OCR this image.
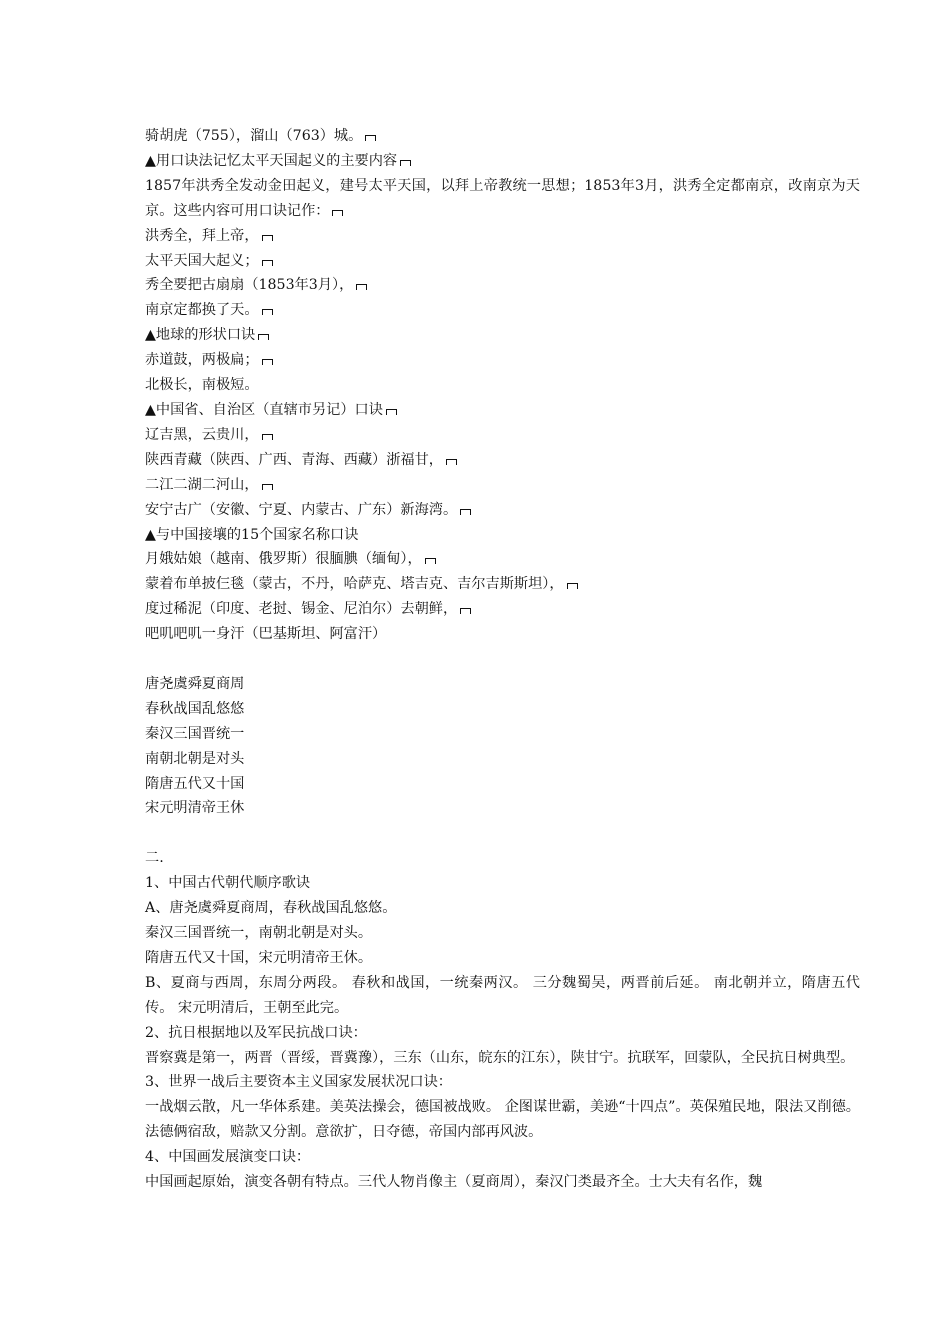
骑胡虎（755），溜山（763）城。
▲用口诀法记忆太平天国起义的主要内容
1857年洪秀全发动金田起义，建号太平天国，以拜上帝教统一思想；1853年3月，洪秀全定都南京，改南京为天京。这些内容可用口诀记作：
洪秀全，拜上帝，
太平天国大起义；
秀全要把古扇扇（1853年3月），
南京定都换了天。
▲地球的形状口诀
赤道鼓，两极扁；
北极长，南极短。
▲中国省、自治区（直辖市另记）口诀
辽吉黑，云贵川，
陕西青藏（陕西、广西、青海、西藏）浙福甘，
二江二湖二河山，
安宁古广（安徽、宁夏、内蒙古、广东）新海湾。
▲与中国接壤的15个国家名称口诀
月娥姑娘（越南、俄罗斯）很腼腆（缅甸），
蒙着布单披仨毯（蒙古，不丹，哈萨克、塔吉克、吉尔吉斯斯坦），
度过稀泥（印度、老挝、锡金、尼泊尔）去朝鲜，
吧叽吧叽一身汗（巴基斯坦、阿富汗）
唐尧虞舜夏商周
春秋战国乱悠悠
秦汉三国晋统一
南朝北朝是对头
隋唐五代又十国
宋元明清帝王休
二.
1、中国古代朝代顺序歌诀
A、唐尧虞舜夏商周，春秋战国乱悠悠。
秦汉三国晋统一，南朝北朝是对头。
隋唐五代又十国，宋元明清帝王休。
B、夏商与西周，东周分两段。 春秋和战国，一统秦两汉。 三分魏蜀吴，两晋前后延。 南北朝并立，隋唐五代传。 宋元明清后，王朝至此完。
2、抗日根据地以及军民抗战口诀：
晋察冀是第一，两晋（晋绥，晋冀豫），三东（山东，皖东的江东），陕甘宁。抗联军，回蒙队，全民抗日树典型。
3、世界一战后主要资本主义国家发展状况口诀：
一战烟云散，凡一华体系建。美英法操会，德国被战败。 企图谋世霸，美逊“十四点”。英保殖民地，限法又削德。 法德俩宿敌，赔款又分割。意欲扩，日夺德，帝国内部再风波。
4、中国画发展演变口诀：
中国画起原始，演变各朝有特点。三代人物肖像主（夏商周），秦汉门类最齐全。士大夫有名作，魏
